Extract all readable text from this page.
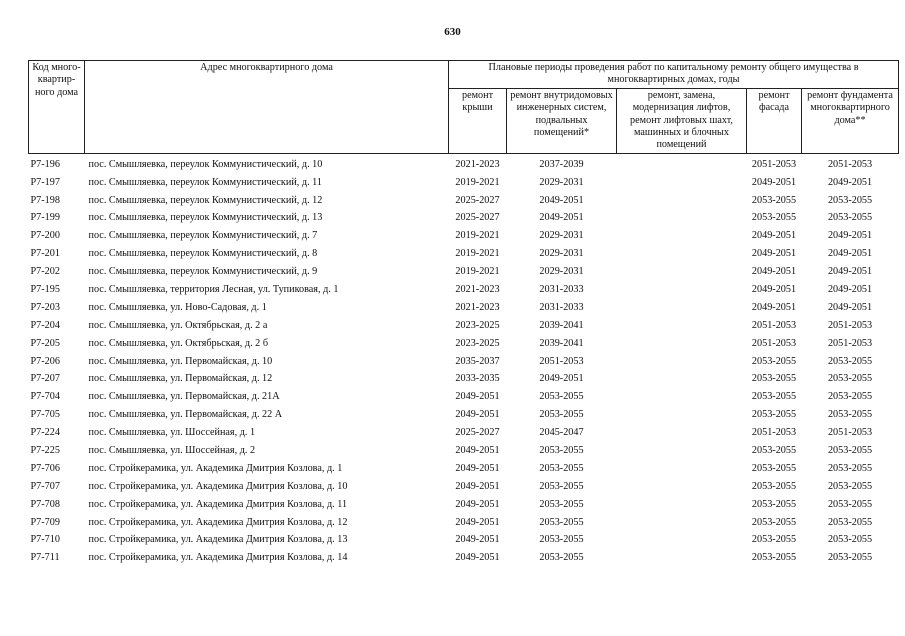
630
Код много-квартир-ного дома	Адрес многоквартирного дома	Плановые периоды проведения работ по капитальному ремонту общего имущества в многоквартирных домах, годы				
		ремонт крыши	ремонт внутридомовых инженерных систем, подвальных помещений*	ремонт, замена, модернизация лифтов, ремонт лифтовых шахт, машинных и блочных помещений	ремонт фасада	ремонт фундамента многоквартирного дома**
Р7-196	пос. Смышляевка, переулок Коммунистический, д. 10	2021-2023	2037-2039		2051-2053	2051-2053
Р7-197	пос. Смышляевка, переулок Коммунистический, д. 11	2019-2021	2029-2031		2049-2051	2049-2051
Р7-198	пос. Смышляевка, переулок Коммунистический, д. 12	2025-2027	2049-2051		2053-2055	2053-2055
Р7-199	пос. Смышляевка, переулок Коммунистический, д. 13	2025-2027	2049-2051		2053-2055	2053-2055
Р7-200	пос. Смышляевка, переулок Коммунистический, д. 7	2019-2021	2029-2031		2049-2051	2049-2051
Р7-201	пос. Смышляевка, переулок Коммунистический, д. 8	2019-2021	2029-2031		2049-2051	2049-2051
Р7-202	пос. Смышляевка, переулок Коммунистический, д. 9	2019-2021	2029-2031		2049-2051	2049-2051
Р7-195	пос. Смышляевка, территория Лесная, ул. Тупиковая, д. 1	2021-2023	2031-2033		2049-2051	2049-2051
Р7-203	пос. Смышляевка, ул. Ново-Садовая, д. 1	2021-2023	2031-2033		2049-2051	2049-2051
Р7-204	пос. Смышляевка, ул. Октябрьская, д. 2 а	2023-2025	2039-2041		2051-2053	2051-2053
Р7-205	пос. Смышляевка, ул. Октябрьская, д. 2 б	2023-2025	2039-2041		2051-2053	2051-2053
Р7-206	пос. Смышляевка, ул. Первомайская, д. 10	2035-2037	2051-2053		2053-2055	2053-2055
Р7-207	пос. Смышляевка, ул. Первомайская, д. 12	2033-2035	2049-2051		2053-2055	2053-2055
Р7-704	пос. Смышляевка, ул. Первомайская, д. 21А	2049-2051	2053-2055		2053-2055	2053-2055
Р7-705	пос. Смышляевка, ул. Первомайская, д. 22 А	2049-2051	2053-2055		2053-2055	2053-2055
Р7-224	пос. Смышляевка, ул. Шоссейная, д. 1	2025-2027	2045-2047		2051-2053	2051-2053
Р7-225	пос. Смышляевка, ул. Шоссейная, д. 2	2049-2051	2053-2055		2053-2055	2053-2055
Р7-706	пос. Стройкерамика, ул. Академика Дмитрия Козлова, д. 1	2049-2051	2053-2055		2053-2055	2053-2055
Р7-707	пос. Стройкерамика, ул. Академика Дмитрия Козлова, д. 10	2049-2051	2053-2055		2053-2055	2053-2055
Р7-708	пос. Стройкерамика, ул. Академика Дмитрия Козлова, д. 11	2049-2051	2053-2055		2053-2055	2053-2055
Р7-709	пос. Стройкерамика, ул. Академика Дмитрия Козлова, д. 12	2049-2051	2053-2055		2053-2055	2053-2055
Р7-710	пос. Стройкерамика, ул. Академика Дмитрия Козлова, д. 13	2049-2051	2053-2055		2053-2055	2053-2055
Р7-711	пос. Стройкерамика, ул. Академика Дмитрия Козлова, д. 14	2049-2051	2053-2055		2053-2055	2053-2055
